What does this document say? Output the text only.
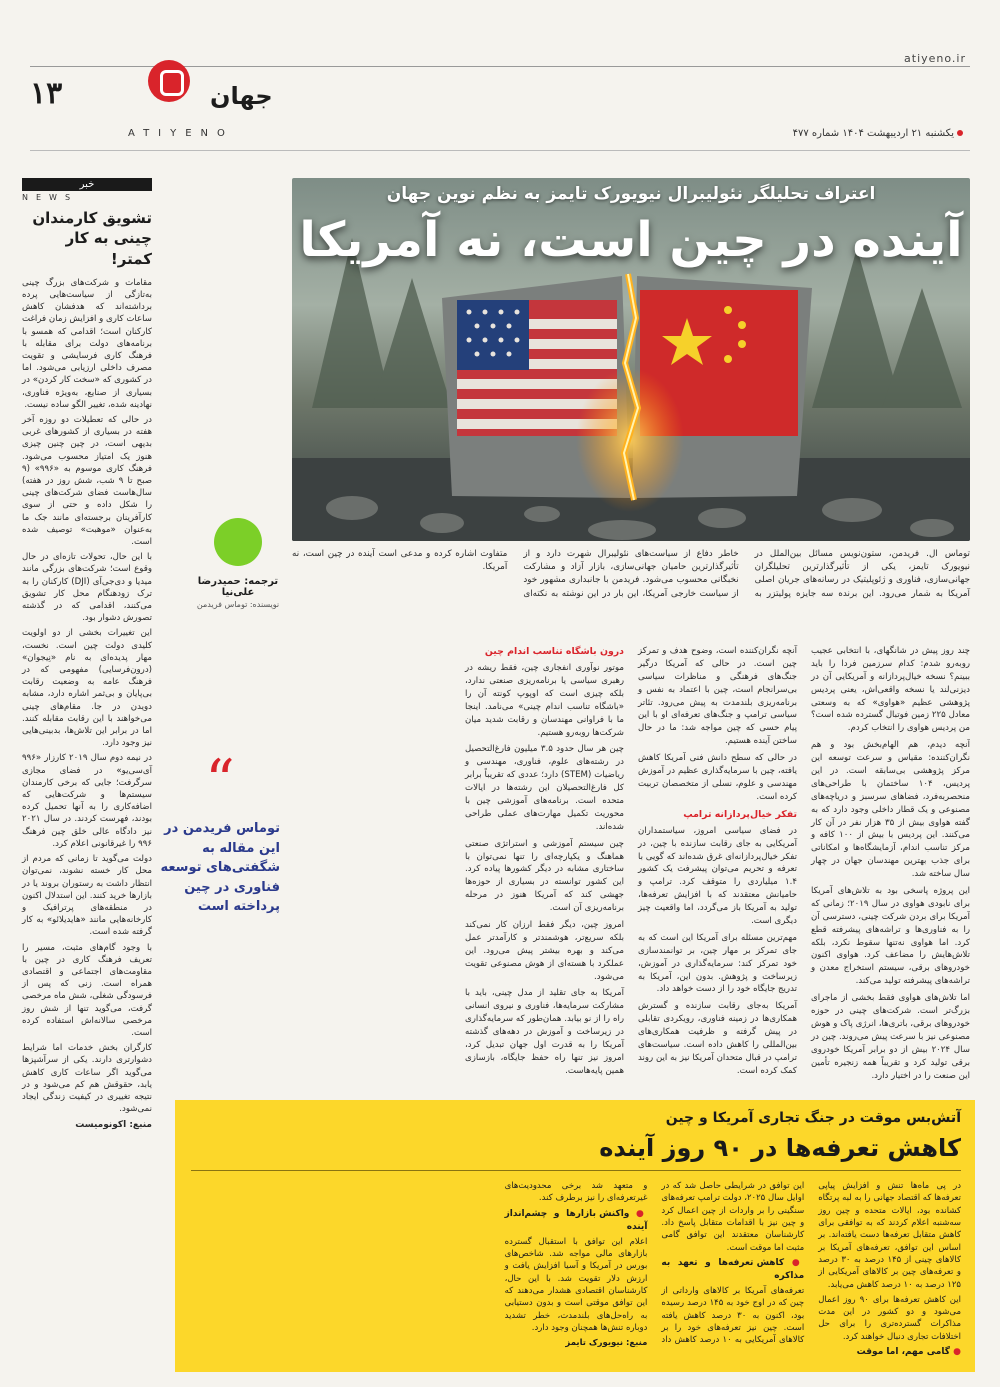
atiyeno.ir
۱۳	جهان
ATIYENO	یکشنبه ۲۱ اردیبهشت ۱۴۰۴ شماره ۴۷۷
خبر
NEWS
تشویق کارمندان چینی به کار کمتر!

مقامات و شرکت‌های بزرگ چینی به‌تازگی از سیاست‌هایی پرده برداشته‌اند که هدفشان کاهش ساعات کاری و افزایش زمان فراغت کارکنان است؛ اقدامی که همسو با برنامه‌های دولت برای مقابله با فرهنگ کاری فرسایشی و تقویت مصرف داخلی ارزیابی می‌شود. اما در کشوری که «سخت کار کردن» در بسیاری از صنایع، به‌ویژه فناوری، نهادینه شده، تغییر الگو ساده نیست.

در حالی که تعطیلات دو روزه آخر هفته در بسیاری از کشورهای غربی بدیهی است، در چین چنین چیزی هنوز یک امتیاز محسوب می‌شود. فرهنگ کاری موسوم به «۹۹۶» (۹ صبح تا ۹ شب، شش روز در هفته) سال‌هاست فضای شرکت‌های چینی را شکل داده و حتی از سوی کارآفرینان برجسته‌ای مانند جک ما به‌عنوان «موهبت» توصیف شده است.

با این حال، تحولات تازه‌ای در حال وقوع است؛ شرکت‌های بزرگی مانند میدیا و دی‌جی‌آی (DJI) کارکنان را به ترک زودهنگام محل کار تشویق می‌کنند، اقدامی که در گذشته تصورش دشوار بود.

این تغییرات بخشی از دو اولویت کلیدی دولت چین است. نخست، مهار پدیده‌ای به نام «نِیجوان» (درون‌فرسایی) مفهومی که در فرهنگ عامه به وضعیت رقابت بی‌پایان و بی‌ثمر اشاره دارد، مشابه دویدن در جا. مقام‌های چینی می‌خواهند با این رقابت مقابله کنند. اما در برابر این تلاش‌ها، بدبینی‌هایی نیز وجود دارد.

در نیمه دوم سال ۲۰۱۹ کارزار «۹۹۶ آی‌سی‌یو» در فضای مجازی سرگرفت؛ جایی که برخی کارمندان سیستم‌ها و شرکت‌هایی که اضافه‌کاری را به آنها تحمیل کرده بودند، فهرست کردند. در سال ۲۰۲۱ نیز دادگاه عالی خلق چین فرهنگ ۹۹۶ را غیرقانونی اعلام کرد.

دولت می‌گوید تا زمانی که مردم از محل کار خسته نشوند، نمی‌توان انتظار داشت به رستوران بروند یا در بازارها خرید کنند. این استدلال اکنون در منطقه‌های پرترافیک و کارخانه‌هایی مانند «هایدیلائو» به کار گرفته شده است.

با وجود گام‌های مثبت، مسیر را تعریف فرهنگ کاری در چین با مقاومت‌های اجتماعی و اقتصادی همراه است. زنی که پس از فرسودگی شغلی، شش ماه مرخصی گرفت، می‌گوید تنها از شش روز مرخصی سالانه‌اش استفاده کرده است.

کارگران بخش خدمات اما شرایط دشوارتری دارند. یکی از سرآشپزها می‌گوید اگر ساعات کاری کاهش یابد، حقوقش هم کم می‌شود و در نتیجه تغییری در کیفیت زندگی ایجاد نمی‌شود.

منبع: اکونومیست
اعتراف تحلیلگر نئولیبرال نیویورک تایمز به نظم نوین جهان
آینده در چین است، نه آمریکا
ترجمه: حمیدرضا علی‌نیا
نویسنده: توماس فریدمن
“
توماس فریدمن در این مقاله به شگفتی‌های توسعه فناوری در چین پرداخته است
توماس ال. فریدمن، ستون‌نویس مسائل بین‌الملل در نیویورک تایمز، یکی از تأثیرگذارترین تحلیلگران جهانی‌سازی، فناوری و ژئوپلیتیک در رسانه‌های جریان اصلی آمریکا به شمار می‌رود. این برنده سه جایزه پولیتزر به خاطر دفاع از سیاست‌های نئولیبرال شهرت دارد و از تأثیرگذارترین حامیان جهانی‌سازی، بازار آزاد و مشارکت نخبگانی محسوب می‌شود. فریدمن با جانبداری مشهور خود از سیاست خارجی آمریکا، این بار در این نوشته به نکته‌ای متفاوت اشاره کرده و مدعی است آینده در چین است، نه آمریکا.

چند روز پیش در شانگهای، با انتخابی عجیب روبه‌رو شدم: کدام سرزمین فردا را باید ببینم؟ نسخه خیال‌پردازانه و آمریکایی آن در دیزنی‌لند یا نسخه واقعی‌اش، یعنی پردیس پژوهشی عظیم «هواوی» که به وسعتی معادل ۲۲۵ زمین فوتبال گسترده شده است؟ من پردیس هواوی را انتخاب کردم.

آنچه دیدم، هم الهام‌بخش بود و هم نگران‌کننده: مقیاس و سرعت توسعه این مرکز پژوهشی بی‌سابقه است. در این پردیس، ۱۰۴ ساختمان با طراحی‌های منحصربه‌فرد، فضاهای سرسبز و دریاچه‌های مصنوعی و یک قطار داخلی وجود دارد که به گفته هواوی بیش از ۳۵ هزار نفر در آن کار می‌کنند. این پردیس با بیش از ۱۰۰ کافه و مرکز تناسب اندام، آزمایشگاه‌ها و امکاناتی برای جذب بهترین مهندسان جهان در چهار سال ساخته شد.

این پروژه پاسخی بود به تلاش‌های آمریکا برای نابودی هواوی در سال ۲۰۱۹؛ زمانی که آمریکا برای بردن شرکت چینی، دسترسی آن را به فناوری‌ها و تراشه‌های پیشرفته قطع کرد. اما هواوی نه‌تنها سقوط نکرد، بلکه تلاش‌هایش را مضاعف کرد. هواوی اکنون خودروهای برقی، سیستم استخراج معدن و تراشه‌های پیشرفته تولید می‌کند.

اما تلاش‌های هواوی فقط بخشی از ماجرای بزرگ‌تر است. شرکت‌های چینی در حوزه خودروهای برقی، باتری‌ها، انرژی پاک و هوش مصنوعی نیز با سرعت پیش می‌روند. چین در سال ۲۰۲۴ بیش از دو برابر آمریکا خودروی برقی تولید کرد و تقریباً همه زنجیره تأمین این صنعت را در اختیار دارد.

آنچه نگران‌کننده است، وضوح هدف و تمرکز چین است. در حالی که آمریکا درگیر جنگ‌های فرهنگی و مناظرات سیاسی بی‌سرانجام است، چین با اعتماد به نفس و برنامه‌ریزی بلندمدت به پیش می‌رود. تئاتر سیاسی ترامپ و جنگ‌های تعرفه‌ای او با این پیام حسی که چین مواجه شد: ما در حال ساختن آینده هستیم.

در حالی که سطح دانش فنی آمریکا کاهش یافته، چین با سرمایه‌گذاری عظیم در آموزش مهندسی و علوم، نسلی از متخصصان تربیت کرده است.

تفکر خیال‌پردازانه ترامپ

در فضای سیاسی امروز، سیاستمداران آمریکایی به جای رقابت سازنده با چین، در تفکر خیال‌پردازانه‌ای غرق شده‌اند که گویی با تعرفه و تحریم می‌توان پیشرفت یک کشور ۱.۴ میلیاردی را متوقف کرد. ترامپ و حامیانش معتقدند که با افزایش تعرفه‌ها، تولید به آمریکا باز می‌گردد، اما واقعیت چیز دیگری است.

مهم‌ترین مسئله برای آمریکا این است که به جای تمرکز بر مهار چین، بر توانمندسازی خود تمرکز کند: سرمایه‌گذاری در آموزش، زیرساخت و پژوهش. بدون این، آمریکا به تدریج جایگاه خود را از دست خواهد داد.

آمریکا به‌جای رقابت سازنده و گسترش همکاری‌ها در زمینه فناوری، رویکردی تقابلی در پیش گرفته و ظرفیت همکاری‌های بین‌المللی را کاهش داده است. سیاست‌های ترامپ در قبال متحدان آمریکا نیز به این روند کمک کرده است.

درون باشگاه تناسب اندام چین

موتور نوآوری انفجاری چین، فقط ریشه در رهبری سیاسی یا برنامه‌ریزی صنعتی ندارد، بلکه چیزی است که اوپوپ کونته آن را «باشگاه تناسب اندام چینی» می‌نامد. اینجا ما با فراوانی مهندسان و رقابت شدید میان شرکت‌ها روبه‌رو هستیم.

چین هر سال حدود ۳.۵ میلیون فارغ‌التحصیل در رشته‌های علوم، فناوری، مهندسی و ریاضیات (STEM) دارد؛ عددی که تقریباً برابر کل فارغ‌التحصیلان این رشته‌ها در ایالات متحده است. برنامه‌های آموزشی چین با محوریت تکمیل مهارت‌های عملی طراحی شده‌اند.

چین سیستم آموزشی و استراتژی صنعتی هماهنگ و یکپارچه‌ای را تنها نمی‌توان با ساختاری مشابه در دیگر کشورها پیاده کرد. این کشور توانسته در بسیاری از حوزه‌ها جهشی کند که آمریکا هنوز در مرحله برنامه‌ریزی آن است.

امروز چین، دیگر فقط ارزان کار نمی‌کند بلکه سریع‌تر، هوشمندتر و کارآمدتر عمل می‌کند و بهره بیشتر پیش می‌رود. این عملکرد با هسته‌ای از هوش مصنوعی تقویت می‌شود.

آمریکا به جای تقلید از مدل چینی، باید با مشارکت سرمایه‌ها، فناوری و نیروی انسانی راه را از نو بیابد. همان‌طور که سرمایه‌گذاری در زیرساخت و آموزش در دهه‌های گذشته آمریکا را به قدرت اول جهان تبدیل کرد، امروز نیز تنها راه حفظ جایگاه، بازسازی همین پایه‌هاست.

آتش‌بس موقت در جنگ تجاری آمریکا و چین
کاهش تعرفه‌ها در ۹۰ روز آینده

در پی ماه‌ها تنش و افزایش پیاپی تعرفه‌ها که اقتصاد جهانی را به لبه پرتگاه کشانده بود، ایالات متحده و چین روز سه‌شنبه اعلام کردند که به توافقی برای کاهش متقابل تعرفه‌ها دست یافته‌اند. بر اساس این توافق، تعرفه‌های آمریکا بر کالاهای چینی از ۱۴۵ درصد به ۳۰ درصد و تعرفه‌های چین بر کالاهای آمریکایی از ۱۲۵ درصد به ۱۰ درصد کاهش می‌یابد.

این کاهش تعرفه‌ها برای ۹۰ روز اعمال می‌شود و دو کشور در این مدت مذاکرات گسترده‌تری را برای حل اختلافات تجاری دنبال خواهند کرد.

● گامی مهم، اما موقت

این توافق در شرایطی حاصل شد که در اوایل سال ۲۰۲۵، دولت ترامپ تعرفه‌های سنگینی را بر واردات از چین اعمال کرد و چین نیز با اقدامات متقابل پاسخ داد. کارشناسان معتقدند این توافق گامی مثبت اما موقت است.

● کاهش تعرفه‌ها و تعهد به مذاکره

تعرفه‌های آمریکا بر کالاهای وارداتی از چین که در اوج خود به ۱۴۵ درصد رسیده بود، اکنون به ۳۰ درصد کاهش یافته است. چین نیز تعرفه‌های خود را بر کالاهای آمریکایی به ۱۰ درصد کاهش داد و متعهد شد برخی محدودیت‌های غیرتعرفه‌ای را نیز برطرف کند.

● واکنش بازارها و چشم‌انداز آینده

اعلام این توافق با استقبال گسترده بازارهای مالی مواجه شد. شاخص‌های بورس در آمریکا و آسیا افزایش یافت و ارزش دلار تقویت شد. با این حال، کارشناسان اقتصادی هشدار می‌دهند که این توافق موقتی است و بدون دستیابی به راه‌حل‌های بلندمدت، خطر تشدید دوباره تنش‌ها همچنان وجود دارد.

منبع: نیویورک تایمز
